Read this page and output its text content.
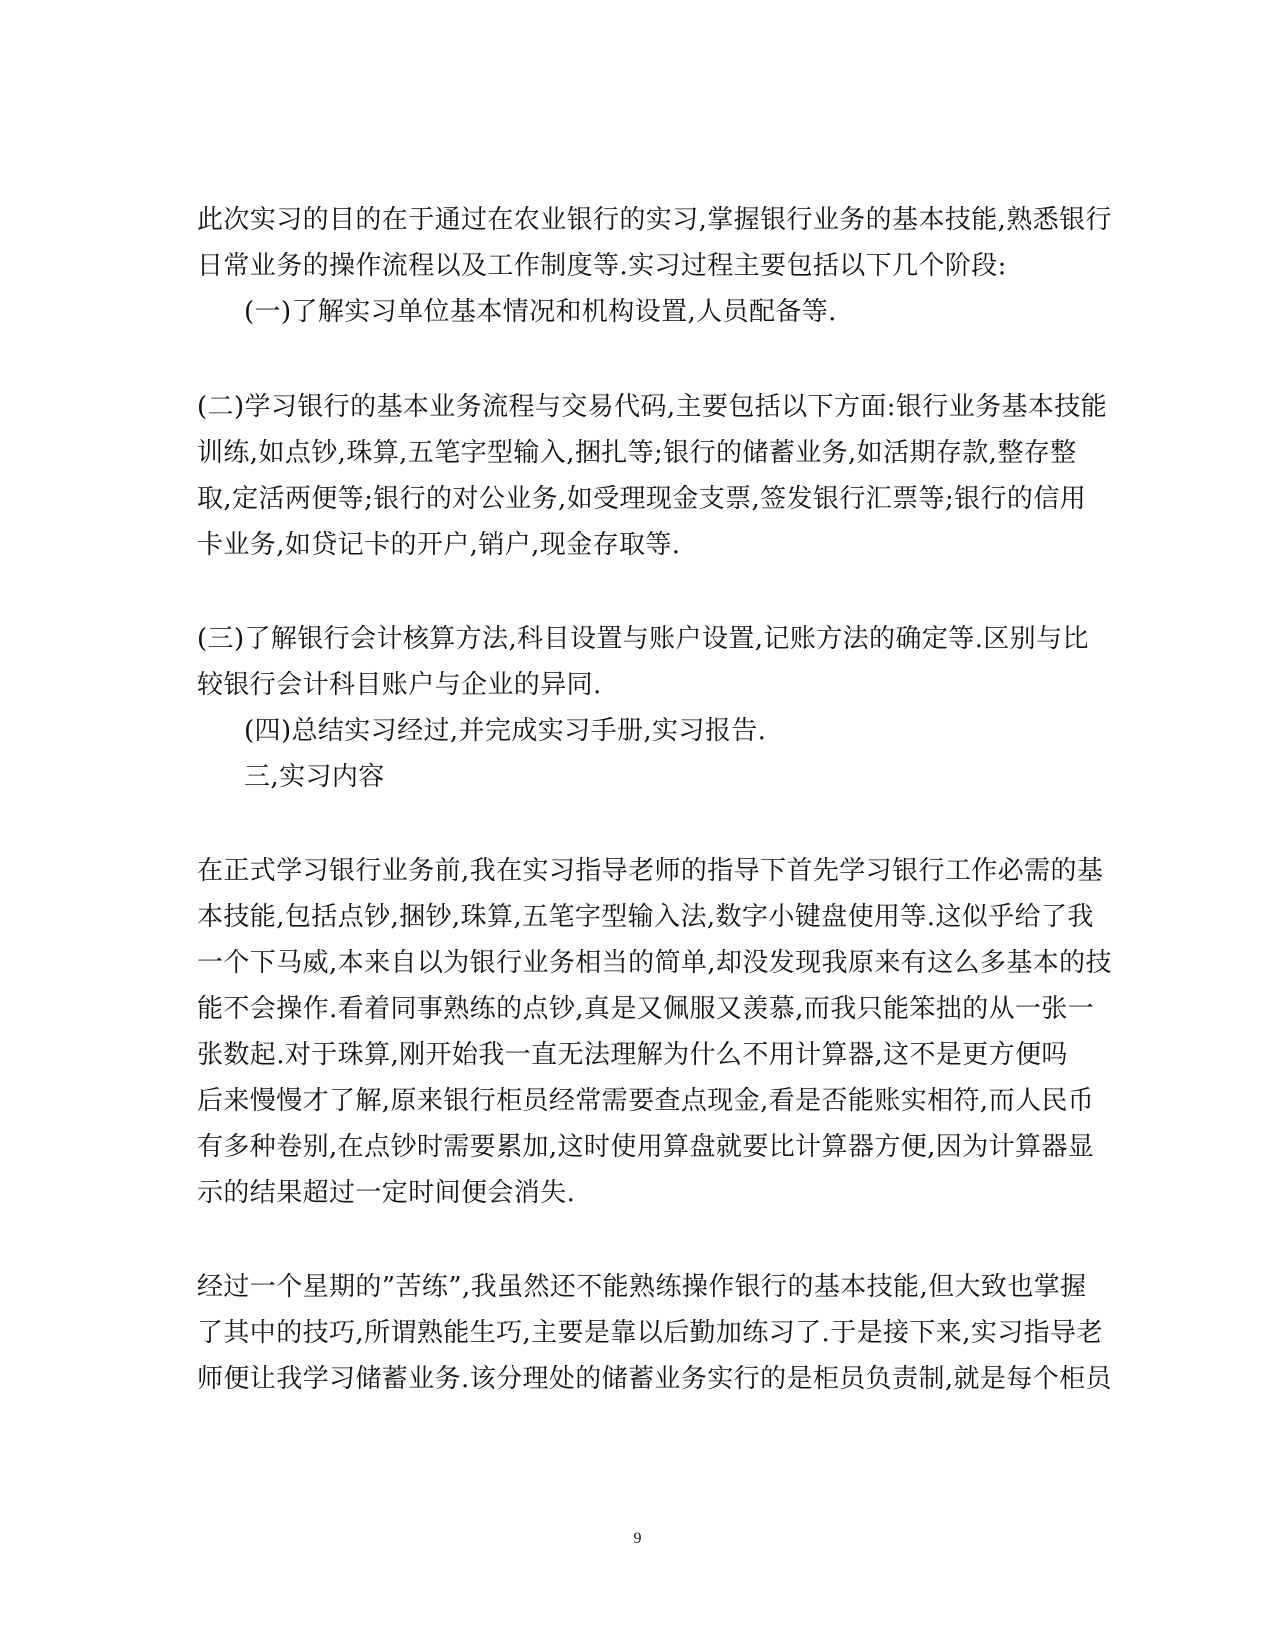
此次实习的目的在于通过在农业银行的实习,掌握银行业务的基本技能,熟悉银行
日常业务的操作流程以及工作制度等.实习过程主要包括以下几个阶段:
(一)了解实习单位基本情况和机构设置,人员配备等.
(二)学习银行的基本业务流程与交易代码,主要包括以下方面:银行业务基本技能
训练,如点钞,珠算,五笔字型输入,捆扎等;银行的储蓄业务,如活期存款,整存整
取,定活两便等;银行的对公业务,如受理现金支票,签发银行汇票等;银行的信用
卡业务,如贷记卡的开户,销户,现金存取等.
(三)了解银行会计核算方法,科目设置与账户设置,记账方法的确定等.区别与比
较银行会计科目账户与企业的异同.
(四)总结实习经过,并完成实习手册,实习报告.
三,实习内容
在正式学习银行业务前,我在实习指导老师的指导下首先学习银行工作必需的基
本技能,包括点钞,捆钞,珠算,五笔字型输入法,数字小键盘使用等.这似乎给了我
一个下马威,本来自以为银行业务相当的简单,却没发现我原来有这么多基本的技
能不会操作.看着同事熟练的点钞,真是又佩服又羡慕,而我只能笨拙的从一张一
张数起.对于珠算,刚开始我一直无法理解为什么不用计算器,这不是更方便吗
后来慢慢才了解,原来银行柜员经常需要查点现金,看是否能账实相符,而人民币
有多种卷别,在点钞时需要累加,这时使用算盘就要比计算器方便,因为计算器显
示的结果超过一定时间便会消失.
经过一个星期的”苦练”,我虽然还不能熟练操作银行的基本技能,但大致也掌握
了其中的技巧,所谓熟能生巧,主要是靠以后勤加练习了.于是接下来,实习指导老
师便让我学习储蓄业务.该分理处的储蓄业务实行的是柜员负责制,就是每个柜员
9
